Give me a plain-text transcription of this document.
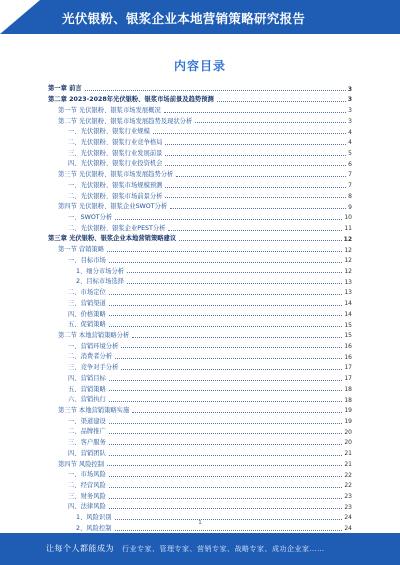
光伏银粉、银浆企业本地营销策略研究报告
内容目录
第一章 前言	3
第二章 2023-2028年光伏银粉、银浆市场前景及趋势预测	3
第一节 光伏银粉、银浆市场发展概况	3
第二节 光伏银粉、银浆市场发展趋势及现状分析	3
一、光伏银粉、银浆行业规模	4
二、光伏银粉、银浆行业竞争格局	4
三、光伏银粉、银浆行业发展前景	5
四、光伏银粉、银浆行业投资机会	6
第三节 光伏银粉、银浆市场发展趋势分析	7
一、光伏银粉、银浆市场规模预测	7
二、光伏银粉、银浆市场前景分析	8
第四节 光伏银粉、银浆企业SWOT分析	9
一、SWOT分析	10
二、光伏银粉、银浆企业PEST分析	11
第三章 光伏银粉、银浆企业本地营销策略建议	12
第一节 营销策略	12
一、目标市场	12
1、细分市场分析	12
2、目标市场选择	13
二、市场定位	13
三、营销渠道	14
四、价格策略	14
五、促销策略	15
第二节 本地营销策略分析	15
一、营销环境分析	16
二、消费者分析	16
三、竞争对手分析	17
四、营销目标	17
五、营销策略	18
六、营销执行	18
第三节 本地营销策略实施	19
一、渠道建设	19
二、品牌推广	20
三、客户服务	20
四、营销团队	21
第四节 风险控制	21
一、市场风险	22
二、经营风险	22
三、财务风险	23
四、法律风险	23
1、风险识别	24
2、风险控制	24
1
让每个人都能成为 行业专家、管理专家、营销专家、战略专家、成功企业家……
